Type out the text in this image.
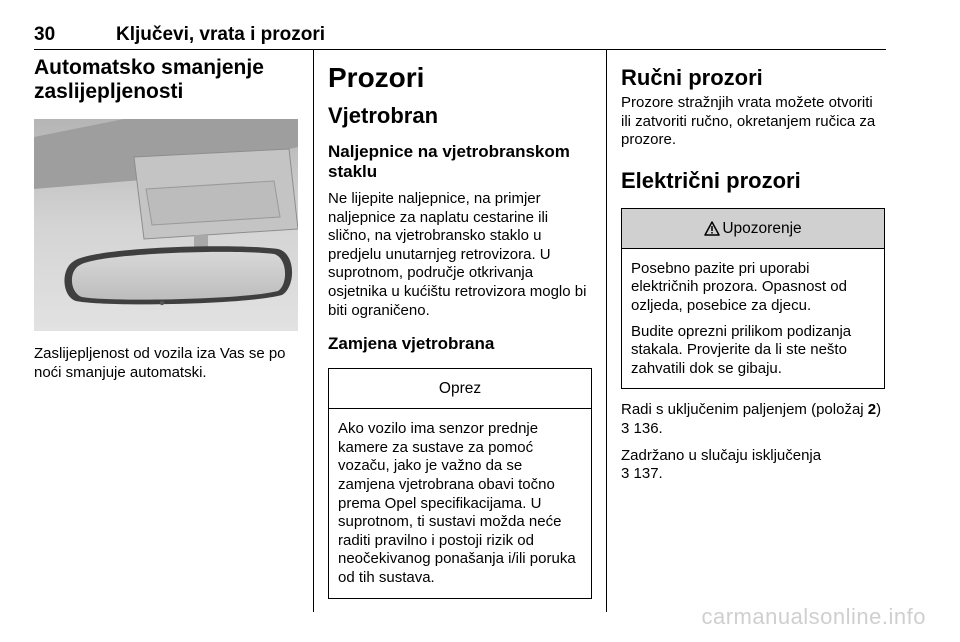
30	Ključevi, vrata i prozori
Automatsko smanjenje zaslijepljenosti
Zaslijepljenost od vozila iza Vas se po noći smanjuje automatski.
Prozori
Vjetrobran
Naljepnice na vjetrobranskom staklu
Ne lijepite naljepnice, na primjer naljepnice za naplatu cestarine ili slično, na vjetrobransko staklo u predjelu unutarnjeg retrovizora. U suprotnom, područje otkrivanja osjetnika u kućištu retrovizora moglo bi biti ograničeno.
Zamjena vjetrobrana
Oprez
Ako vozilo ima senzor prednje kamere za sustave za pomoć vozaču, jako je važno da se zamjena vjetrobrana obavi točno prema Opel specifikacijama. U suprotnom, ti sustavi možda neće raditi pravilno i postoji rizik od neočekivanog ponašanja i/ili poruka od tih sustava.
Ručni prozori
Prozore stražnjih vrata možete otvoriti ili zatvoriti ručno, okretanjem ručica za prozore.
Električni prozori
Upozorenje
Posebno pazite pri uporabi električnih prozora. Opasnost od ozljeda, posebice za djecu.
Budite oprezni prilikom podizanja stakala. Provjerite da li ste nešto zahvatili dok se gibaju.
Radi s uključenim paljenjem (položaj 2) 3 136.
Zadržano u slučaju isključenja
3 137.
carmanualsonline.info
